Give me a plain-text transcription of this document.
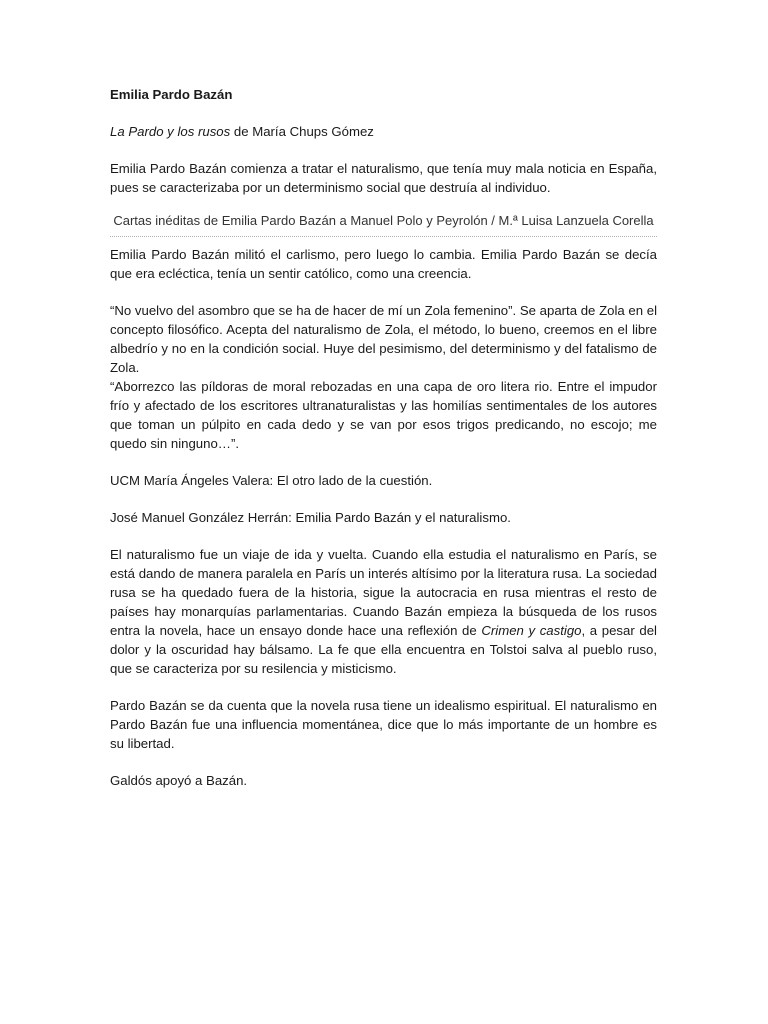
Emilia Pardo Bazán

La Pardo y los rusos de María Chups Gómez

Emilia Pardo Bazán comienza a tratar el naturalismo, que tenía muy mala noticia en España, pues se caracterizaba por un determinismo social que destruía al individuo.

Cartas inéditas de Emilia Pardo Bazán a Manuel Polo y Peyrolón / M.ª Luisa Lanzuela Corella

Emilia Pardo Bazán militó el carlismo, pero luego lo cambia. Emilia Pardo Bazán se decía que era ecléctica, tenía un sentir católico, como una creencia.

“No vuelvo del asombro que se ha de hacer de mí un Zola femenino”. Se aparta de Zola en el concepto filosófico. Acepta del naturalismo de Zola, el método, lo bueno, creemos en el libre albedrío y no en la condición social. Huye del pesimismo, del determinismo y del fatalismo de Zola.

“Aborrezco las píldoras de moral rebozadas en una capa de oro litera rio. Entre el impudor frío y afectado de los escritores ultranaturalistas y las homilías sentimentales de los autores que toman un púlpito en cada dedo y se van por esos trigos predicando, no escojo; me quedo sin ninguno…”.

UCM María Ángeles Valera: El otro lado de la cuestión.

José Manuel González Herrán: Emilia Pardo Bazán y el naturalismo.

El naturalismo fue un viaje de ida y vuelta. Cuando ella estudia el naturalismo en París, se está dando de manera paralela en París un interés altísimo por la literatura rusa. La sociedad rusa se ha quedado fuera de la historia, sigue la autocracia en rusa mientras el resto de países hay monarquías parlamentarias. Cuando Bazán empieza la búsqueda de los rusos entra la novela, hace un ensayo donde hace una reflexión de Crimen y castigo, a pesar del dolor y la oscuridad hay bálsamo. La fe que ella encuentra en Tolstoi salva al pueblo ruso, que se caracteriza por su resilencia y misticismo.

Pardo Bazán se da cuenta que la novela rusa tiene un idealismo espiritual. El naturalismo en Pardo Bazán fue una influencia momentánea, dice que lo más importante de un hombre es su libertad.

Galdós apoyó a Bazán.
